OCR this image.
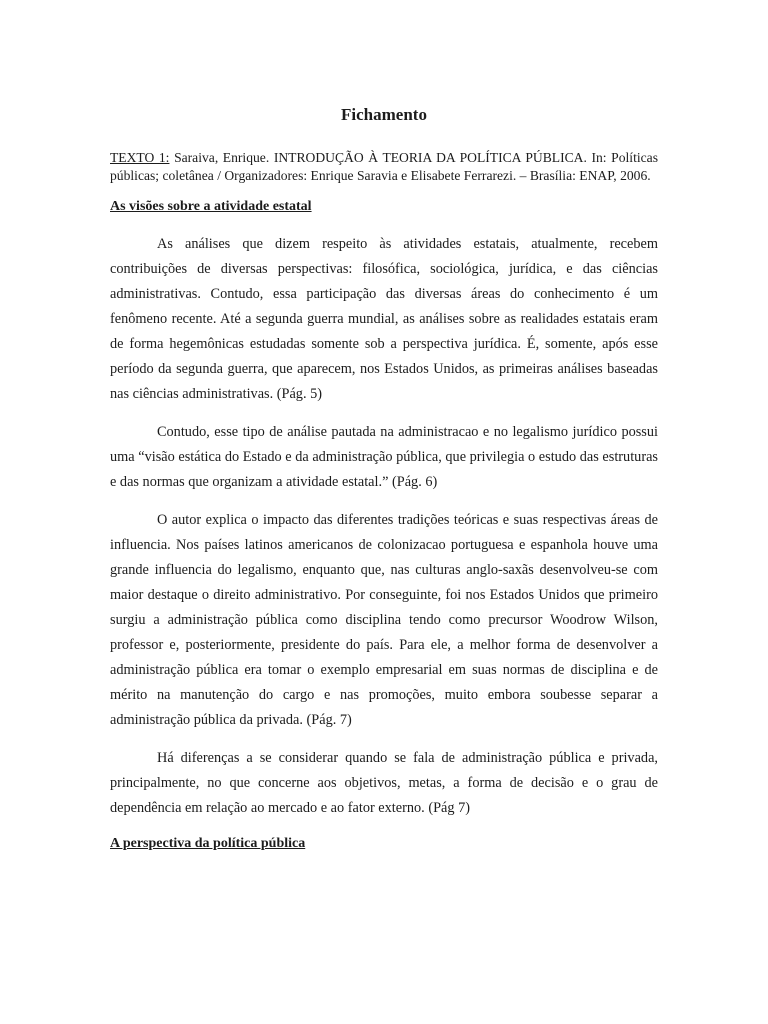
Fichamento

TEXTO 1: Saraiva, Enrique. INTRODUÇÃO À TEORIA DA POLÍTICA PÚBLICA. In: Políticas públicas; coletânea / Organizadores: Enrique Saravia e Elisabete Ferrarezi. – Brasília: ENAP, 2006.

As visões sobre a atividade estatal

As análises que dizem respeito às atividades estatais, atualmente, recebem contribuições de diversas perspectivas: filosófica, sociológica, jurídica, e das ciências administrativas. Contudo, essa participação das diversas áreas do conhecimento é um fenômeno recente. Até a segunda guerra mundial, as análises sobre as realidades estatais eram de forma hegemônicas estudadas somente sob a perspectiva jurídica. É, somente, após esse período da segunda guerra, que aparecem, nos Estados Unidos, as primeiras análises baseadas nas ciências administrativas. (Pág. 5)

Contudo, esse tipo de análise pautada na administracao e no legalismo jurídico possui uma “visão estática do Estado e da administração pública, que privilegia o estudo das estruturas e das normas que organizam a atividade estatal.” (Pág. 6)

O autor explica o impacto das diferentes tradições teóricas e suas respectivas áreas de influencia. Nos países latinos americanos de colonizacao portuguesa e espanhola houve uma grande influencia do legalismo, enquanto que, nas culturas anglo-saxãs desenvolveu-se com maior destaque o direito administrativo. Por conseguinte, foi nos Estados Unidos que primeiro surgiu a administração pública como disciplina tendo como precursor Woodrow Wilson, professor e, posteriormente, presidente do país. Para ele, a melhor forma de desenvolver a administração pública era tomar o exemplo empresarial em suas normas de disciplina e de mérito na manutenção do cargo e nas promoções, muito embora soubesse separar a administração pública da privada. (Pág. 7)

Há diferenças a se considerar quando se fala de administração pública e privada, principalmente, no que concerne aos objetivos, metas, a forma de decisão e o grau de dependência em relação ao mercado e ao fator externo. (Pág 7)

A perspectiva da política pública
